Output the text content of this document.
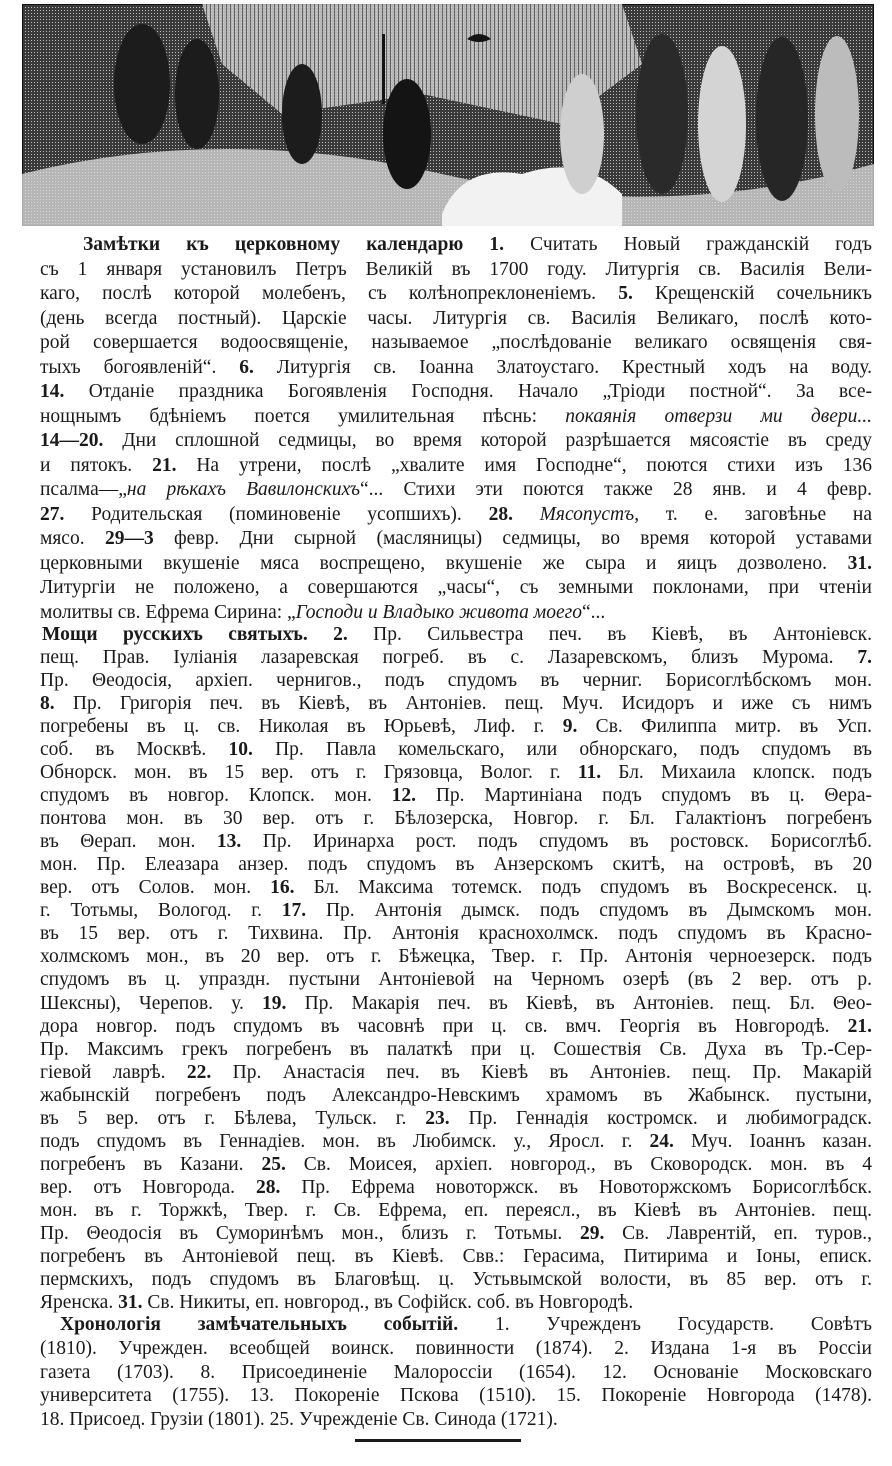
Замѣтки къ церковному календарю 1. Считать Новый гражданскій годъ
съ 1 января установилъ Петръ Великій въ 1700 году. Литургія св. Василія Вели-
каго, послѣ которой молебенъ, съ колѣнопреклоненіемъ. 5. Крещенскій сочельникъ
(день всегда постный). Царскіе часы. Литургія св. Василія Великаго, послѣ кото-
рой совершается водоосвященіе, называемое „послѣдованіе великаго освященія свя-
тыхъ богоявленій“. 6. Литургія св. Іоанна Златоустаго. Крестный ходъ на воду.
14. Отданіе праздника Богоявленія Господня. Начало „Тріоди постной“. За все-
нощнымъ бдѣніемъ поется умилительная пѣснь: покаянія отверзи ми двери...
14—20. Дни сплошной седмицы, во время которой разрѣшается мясоястіе въ среду
и пятокъ. 21. На утрени, послѣ „хвалите имя Господне“, поются стихи изъ 136
псалма—„на рѣкахъ Вавилонскихъ“... Стихи эти поются также 28 янв. и 4 февр.
27. Родительская (поминовеніе усопшихъ). 28. Мясопустъ, т. е. заговѣнье на
мясо. 29—3 февр. Дни сырной (масляницы) седмицы, во время которой уставами
церковными вкушеніе мяса воспрещено, вкушеніе же сыра и яицъ дозволено. 31.
Литургіи не положено, а совершаются „часы“, съ земными поклонами, при чтеніи
молитвы св. Ефрема Сирина: „Господи и Владыко живота моего“...
Мощи русскихъ святыхъ. 2. Пр. Сильвестра печ. въ Кіевѣ, въ Антоніевск.
пещ. Прав. Іуліанія лазаревская погреб. въ с. Лазаревскомъ, близъ Мурома. 7.
Пр. Θеодосія, архіеп. чернигов., подъ спудомъ въ черниг. Борисоглѣбскомъ мон.
8. Пр. Григорія печ. въ Кіевѣ, въ Антоніев. пещ. Муч. Исидоръ и иже съ нимъ
погребены въ ц. св. Николая въ Юрьевѣ, Лиф. г. 9. Св. Филиппа митр. въ Усп.
соб. въ Москвѣ. 10. Пр. Павла комельскаго, или обнорскаго, подъ спудомъ въ
Обнорск. мон. въ 15 вер. отъ г. Грязовца, Волог. г. 11. Бл. Михаила клопск. подъ
спудомъ въ новгор. Клопск. мон. 12. Пр. Мартиніана подъ спудомъ въ ц. Θера-
понтова мон. въ 30 вер. отъ г. Бѣлозерска, Новгор. г. Бл. Галактіонъ погребенъ
въ Θерап. мон. 13. Пр. Иринарха рост. подъ спудомъ въ ростовск. Борисоглѣб.
мон. Пр. Елеазара анзер. подъ спудомъ въ Анзерскомъ скитѣ, на островѣ, въ 20
вер. отъ Солов. мон. 16. Бл. Максима тотемск. подъ спудомъ въ Воскресенск. ц.
г. Тотьмы, Вологод. г. 17. Пр. Антонія дымск. подъ спудомъ въ Дымскомъ мон.
въ 15 вер. отъ г. Тихвина. Пр. Антонія краснохолмск. подъ спудомъ въ Красно-
холмскомъ мон., въ 20 вер. отъ г. Бѣжецка, Твер. г. Пр. Антонія черноезерск. подъ
спудомъ въ ц. упраздн. пустыни Антоніевой на Черномъ озерѣ (въ 2 вер. отъ р.
Шексны), Черепов. у. 19. Пр. Макарія печ. въ Кіевѣ, въ Антоніев. пещ. Бл. Θео-
дора новгор. подъ спудомъ въ часовнѣ при ц. св. вмч. Георгія въ Новгородѣ. 21.
Пр. Максимъ грекъ погребенъ въ палаткѣ при ц. Сошествія Св. Духа въ Тр.-Сер-
гіевой лаврѣ. 22. Пр. Анастасія печ. въ Кіевѣ въ Антоніев. пещ. Пр. Макарій
жабынскій погребенъ подъ Александро-Невскимъ храмомъ въ Жабынск. пустыни,
въ 5 вер. отъ г. Бѣлева, Тульск. г. 23. Пр. Геннадія костромск. и любимоградск.
подъ спудомъ въ Геннадіев. мон. въ Любимск. у., Яросл. г. 24. Муч. Іоаннъ казан.
погребенъ въ Казани. 25. Св. Моисея, архіеп. новгород., въ Сковородск. мон. въ 4
вер. отъ Новгорода. 28. Пр. Ефрема новоторжск. въ Новоторжскомъ Борисоглѣбск.
мон. въ г. Торжкѣ, Твер. г. Св. Ефрема, еп. переясл., въ Кіевѣ въ Антоніев. пещ.
Пр. Θеодосія въ Суморинѣмъ мон., близъ г. Тотьмы. 29. Св. Лаврентій, еп. туров.,
погребенъ въ Антоніевой пещ. въ Кіевѣ. Свв.: Герасима, Питирима и Іоны, еписк.
пермскихъ, подъ спудомъ въ Благовѣщ. ц. Устьвымской волости, въ 85 вер. отъ г.
Яренска. 31. Св. Никиты, еп. новгород., въ Софійск. соб. въ Новгородѣ.
Хронологія замѣчательныхъ событій. 1. Учрежденъ Государств. Совѣтъ
(1810). Учрежден. всеобщей воинск. повинности (1874). 2. Издана 1-я въ Россіи
газета (1703). 8. Присоединеніе Малороссіи (1654). 12. Основаніе Московскаго
университета (1755). 13. Покореніе Пскова (1510). 15. Покореніе Новгорода (1478).
18. Присоед. Грузіи (1801). 25. Учрежденіе Св. Синода (1721).
